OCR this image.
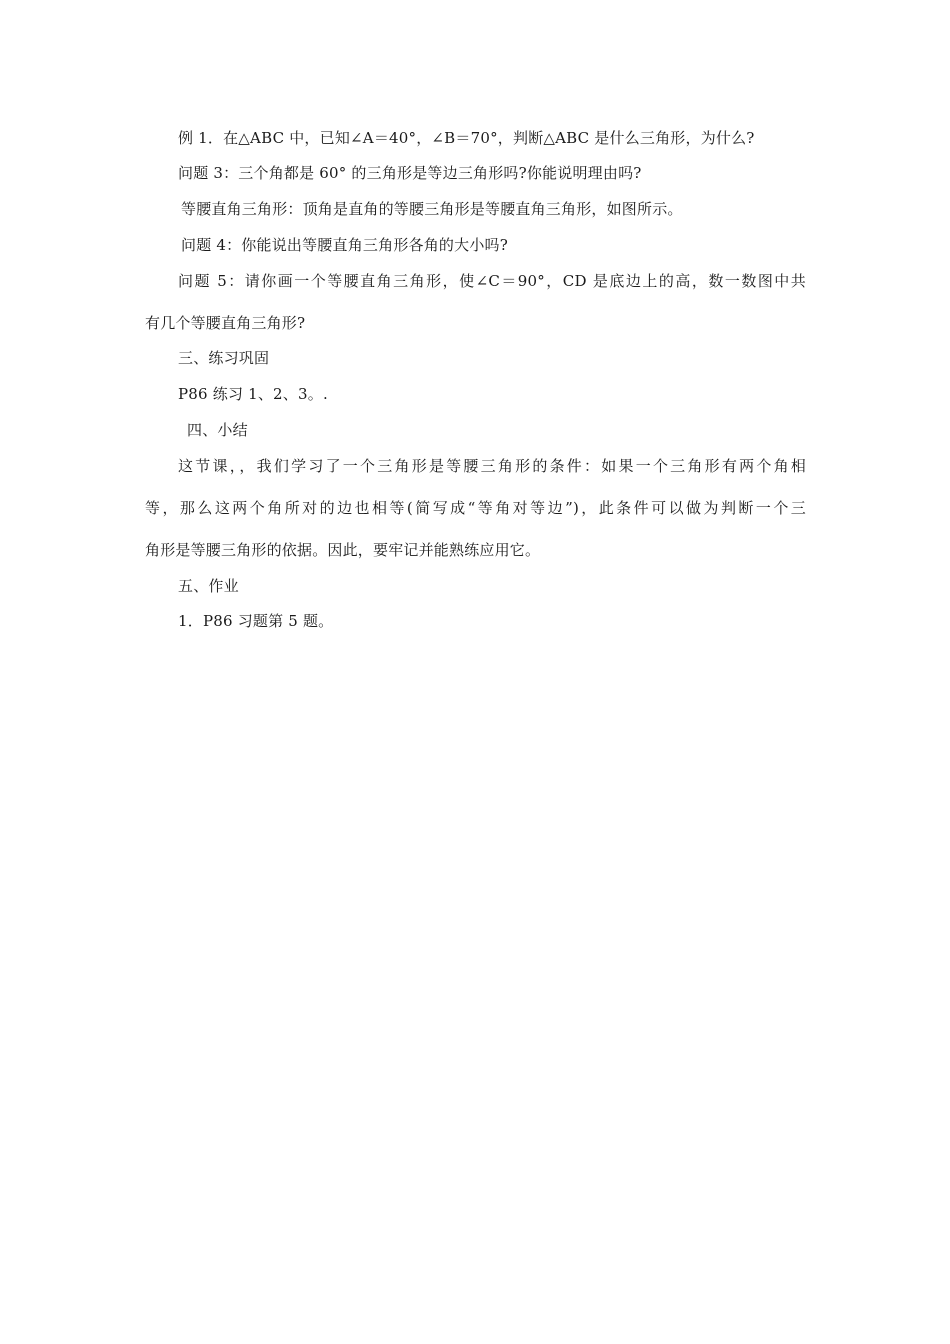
例 1．在△ABC 中，已知∠A＝40°，∠B＝70°，判断△ABC 是什么三角形，为什么?
问题 3：三个角都是 60° 的三角形是等边三角形吗?你能说明理由吗?
等腰直角三角形：顶角是直角的等腰三角形是等腰直角三角形，如图所示。
问题 4：你能说出等腰直角三角形各角的大小吗?
问题 5：请你画一个等腰直角三角形，使∠C＝90°，CD 是底边上的高，数一数图中共
有几个等腰直角三角形?
三、练习巩固
P86 练习 1、2、3。.
四、小结
这节课，，我们学习了一个三角形是等腰三角形的条件：如果一个三角形有两个角相
等，那么这两个角所对的边也相等(简写成“等角对等边”)，此条件可以做为判断一个三
角形是等腰三角形的依据。因此，要牢记并能熟练应用它。
五、作业
1．P86 习题第 5 题。
